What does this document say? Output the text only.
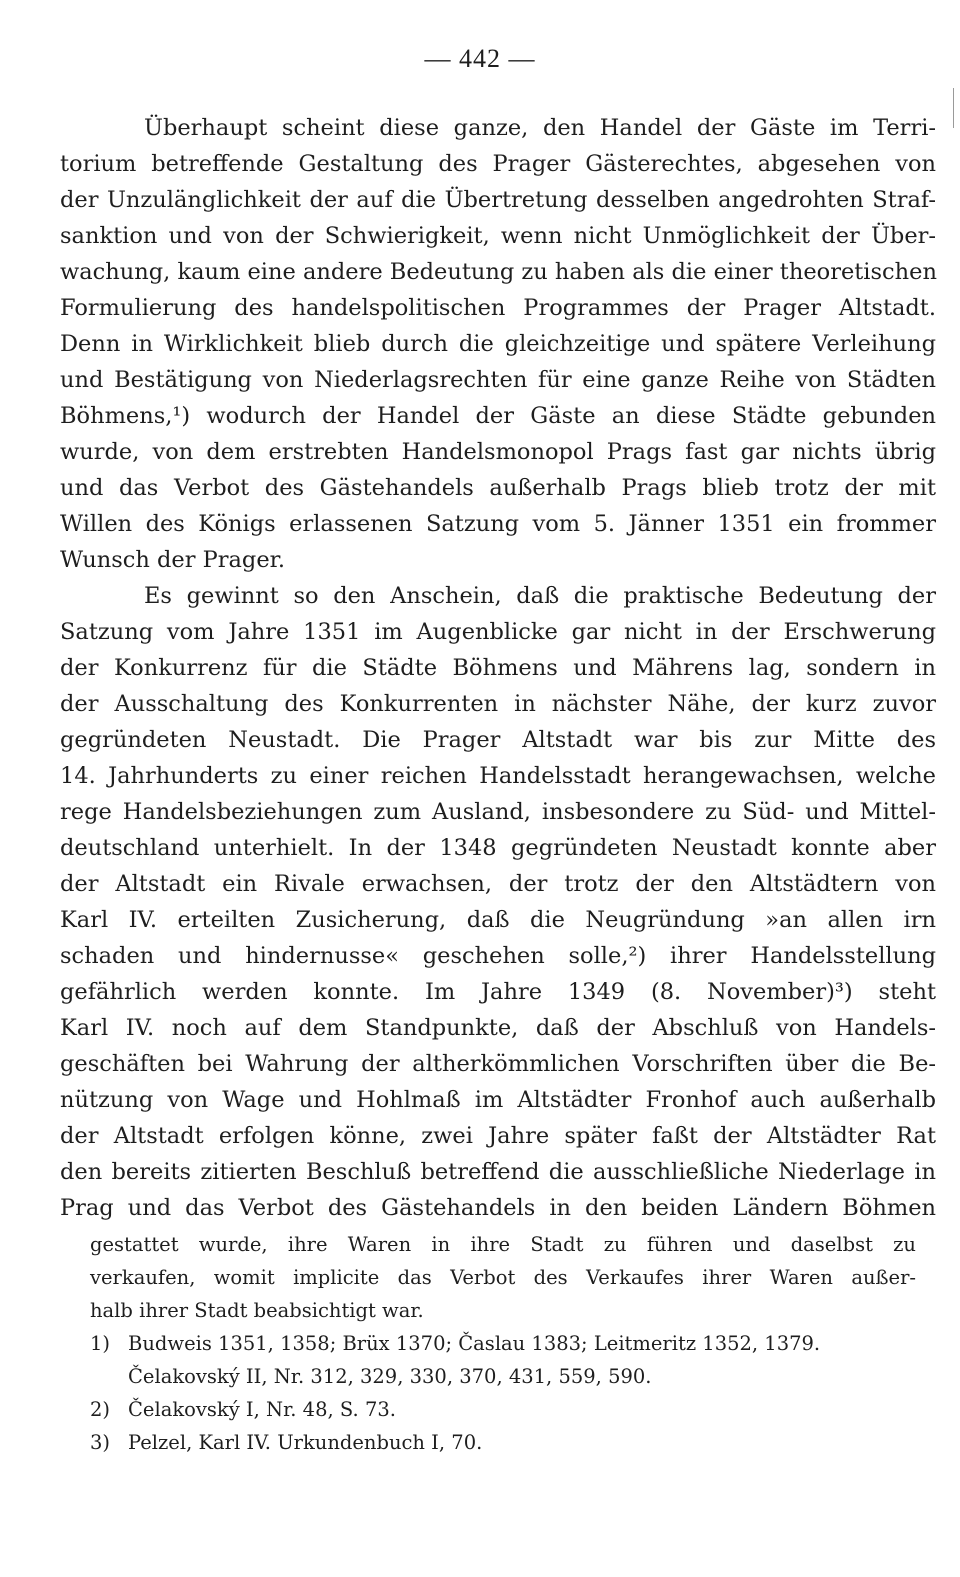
— 442 —
Überhaupt scheint diese ganze, den Handel der Gäste im Terri-
torium betreffende Gestaltung des Prager Gästerechtes, abgesehen von
der Unzulänglichkeit der auf die Übertretung desselben angedrohten Straf-
sanktion und von der Schwierigkeit, wenn nicht Unmöglichkeit der Über-
wachung, kaum eine andere Bedeutung zu haben als die einer theoretischen
Formulierung des handelspolitischen Programmes der Prager Altstadt.
Denn in Wirklichkeit blieb durch die gleichzeitige und spätere Verleihung
und Bestätigung von Niederlagsrechten für eine ganze Reihe von Städten
Böhmens,¹) wodurch der Handel der Gäste an diese Städte gebunden
wurde, von dem erstrebten Handelsmonopol Prags fast gar nichts übrig
und das Verbot des Gästehandels außerhalb Prags blieb trotz der mit
Willen des Königs erlassenen Satzung vom 5. Jänner 1351 ein frommer
Wunsch der Prager.
Es gewinnt so den Anschein, daß die praktische Bedeutung der
Satzung vom Jahre 1351 im Augenblicke gar nicht in der Erschwerung
der Konkurrenz für die Städte Böhmens und Mährens lag, sondern in
der Ausschaltung des Konkurrenten in nächster Nähe, der kurz zuvor
gegründeten Neustadt. Die Prager Altstadt war bis zur Mitte des
14. Jahrhunderts zu einer reichen Handelsstadt herangewachsen, welche
rege Handelsbeziehungen zum Ausland, insbesondere zu Süd- und Mittel-
deutschland unterhielt. In der 1348 gegründeten Neustadt konnte aber
der Altstadt ein Rivale erwachsen, der trotz der den Altstädtern von
Karl IV. erteilten Zusicherung, daß die Neugründung »an allen irn
schaden und hindernusse« geschehen solle,²) ihrer Handelsstellung
gefährlich werden konnte. Im Jahre 1349 (8. November)³) steht
Karl IV. noch auf dem Standpunkte, daß der Abschluß von Handels-
geschäften bei Wahrung der altherkömmlichen Vorschriften über die Be-
nützung von Wage und Hohlmaß im Altstädter Fronhof auch außerhalb
der Altstadt erfolgen könne, zwei Jahre später faßt der Altstädter Rat
den bereits zitierten Beschluß betreffend die ausschließliche Niederlage in
Prag und das Verbot des Gästehandels in den beiden Ländern Böhmen
gestattet wurde, ihre Waren in ihre Stadt zu führen und daselbst zu
verkaufen, womit implicite das Verbot des Verkaufes ihrer Waren außer-
halb ihrer Stadt beabsichtigt war.
1) Budweis 1351, 1358; Brüx 1370; Časlau 1383; Leitmeritz 1352, 1379.
Čelakovský II, Nr. 312, 329, 330, 370, 431, 559, 590.
2) Čelakovský I, Nr. 48, S. 73.
3) Pelzel, Karl IV. Urkundenbuch I, 70.
